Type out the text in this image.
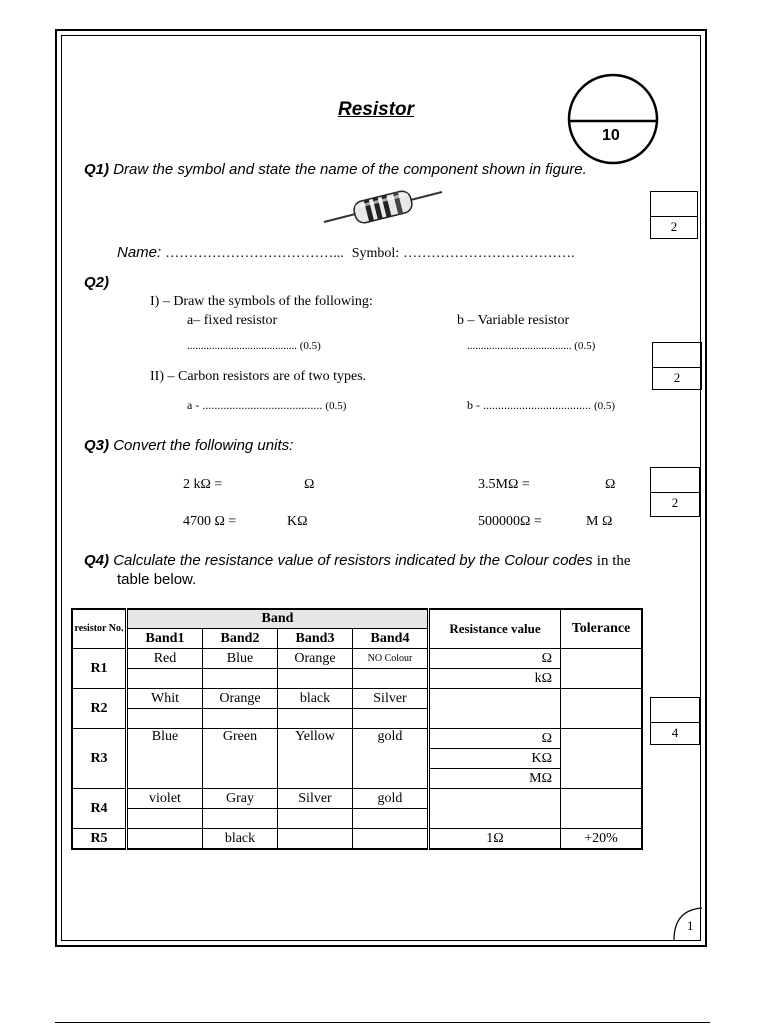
Resistor
10
Q1) Draw the symbol and state the name of the component shown in figure.
2
Name: ………………………………... Symbol: ……………………………….
Q2)
I) – Draw the symbols of the following:
a– fixed resistor	b – Variable resistor
........................................ (0.5)	...................................... (0.5)
2
II) – Carbon resistors are of two types.
a - ........................................ (0.5)	b - .................................... (0.5)
Q3) Convert the following units:
2 kΩ =	Ω	3.5MΩ =	Ω
4700 Ω =	KΩ	500000Ω =	M Ω
2
Q4) Calculate the resistance value of resistors indicated by the Colour codes in the
table below.
4
resistor No.	Band				Resistance value	Tolerance
	Band1	Band2	Band3	Band4		
R1	Red	Blue	Orange	NO Colour	Ω	
					kΩ	
R2	Whit	Orange	black	Silver		

R3	Blue	Green	Yellow	gold	Ω	
					KΩ	
					MΩ	
R4	violet	Gray	Silver	gold		

R5		black			1Ω	+20%
1
